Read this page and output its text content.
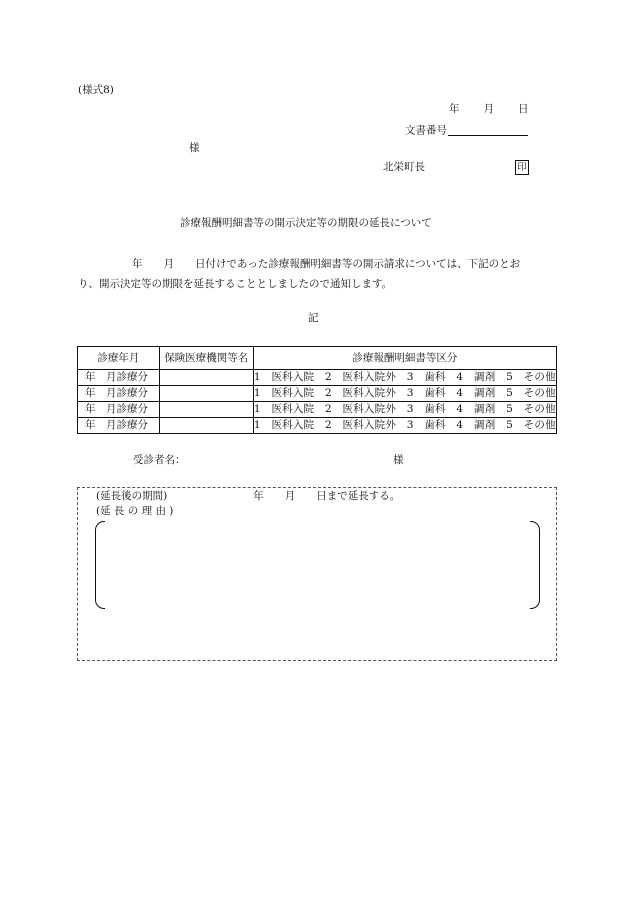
(様式8)
年 月 日
文書番号
様
北栄町長	印
診療報酬明細書等の開示決定等の期限の延長について
年　　月　　日付けであった診療報酬明細書等の開示請求については、下記のとお
り、開示決定等の期限を延長することとしましたので通知します。
記
診療年月	保険医療機関等名	診療報酬明細書等区分
年　月診療分		1　医科入院　2　医科入院外　3　歯科　4　調剤　5　その他
年　月診療分		1　医科入院　2　医科入院外　3　歯科　4　調剤　5　その他
年　月診療分		1　医科入院　2　医科入院外　3　歯科　4　調剤　5　その他
年　月診療分		1　医科入院　2　医科入院外　3　歯科　4　調剤　5　その他
受診者名：	様
(延長後の期間)	年　　月　　日まで延長する。
(延 長 の 理 由 )
